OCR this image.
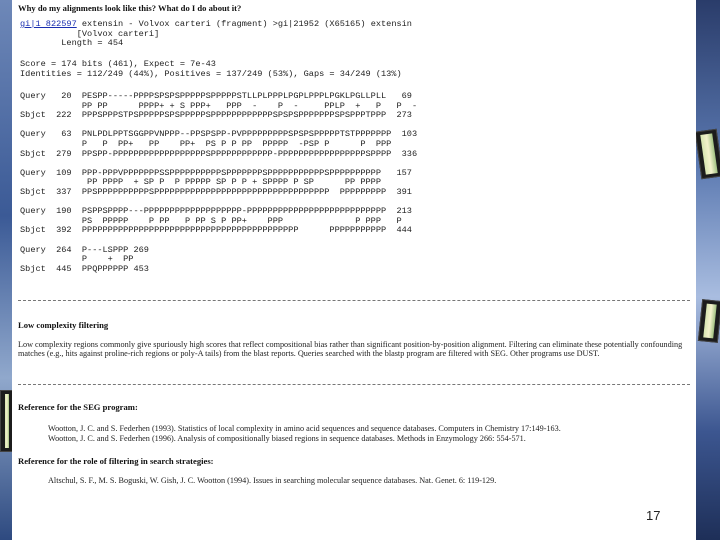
Why do my alignments look like this? What do I do about it?
gi|1 822597 extensin - Volvox carteri (fragment) >gi|21952 (X65165) extensin
[Volvox carteri]
Length = 454
Score = 174 bits (461), Expect = 7e-43
Identities = 112/249 (44%), Positives = 137/249 (53%), Gaps = 34/249 (13%)
Query   20  PESPP-----PPPPSPSPSPPPPPSPPPPPSTLLPLPPPLPGPLPPPLPGKLPGLLPLL   69
PP PP      PPPP+ + S PPP+   PPP  -    P  -     PPLP  +   P   P  -
Sbjct  222  PPPSPPPSTPSPPPPPSPSPPPPPSPPPPPPPPPPPPSPSPSPPPPPPPSPSPPPTPPP  273

Query   63  PNLPDLPPTSGGPPVNPPP--PPSPSPP-PVPPPPPPPPPSPSPSPPPPPTSTPPPPPPP  103
P   P  PP+   PP    PP+  PS P P PP  PPPPP  -PSP P      P  PPP
Sbjct  279  PPSPP-PPPPPPPPPPPPPPPPPPSPPPPPPPPPPPP-PPPPPPPPPPPPPPPPPSPPPP  336

Query  109  PPP-PPPVPPPPPPPSSPPPPPPPPPPSPPPPPPPSPPPPPPPPPPPSPPPPPPPPPP   157
PP PPPP  + SP P  P PPPPP SP P P + SPPPP P SP      PP PPPP
Sbjct  337  PPSPPPPPPPPPPSPPPPPPPPPPPPPPPPPPPPPPPPPPPPPPPPPP  PPPPPPPPP  391

Query  190  PSPPSPPPP---PPPPPPPPPPPPPPPPPPP-PPPPPPPPPPPPPPPPPPPPPPPPPPP  213
PS  PPPPP    P PP   P PP S P PP+    PPP              P PPP   P
Sbjct  392  PPPPPPPPPPPPPPPPPPPPPPPPPPPPPPPPPPPPPPPPPP      PPPPPPPPPPP  444

Query  264  P---LSPPP 269
P    +  PP
Sbjct  445  PPQPPPPPP 453
Low complexity filtering
Low complexity regions commonly give spuriously high scores that reflect compositional bias rather than significant position-by-position alignment. Filtering can eliminate these potentially confounding matches (e.g., hits against proline-rich regions or poly-A tails) from the blast reports. Queries searched with the blastp program are filtered with SEG. Other programs use DUST.
Reference for the SEG program:
Wootton, J. C. and S. Federhen (1993). Statistics of local complexity in amino acid sequences and sequence databases. Computers in Chemistry 17:149-163.
Wootton, J. C. and S. Federhen (1996). Analysis of compositionally biased regions in sequence databases. Methods in Enzymology 266: 554-571.
Reference for the role of filtering in search strategies:
Altschul, S. F., M. S. Boguski, W. Gish, J. C. Wootton (1994). Issues in searching molecular sequence databases. Nat. Genet. 6: 119-129.
17
